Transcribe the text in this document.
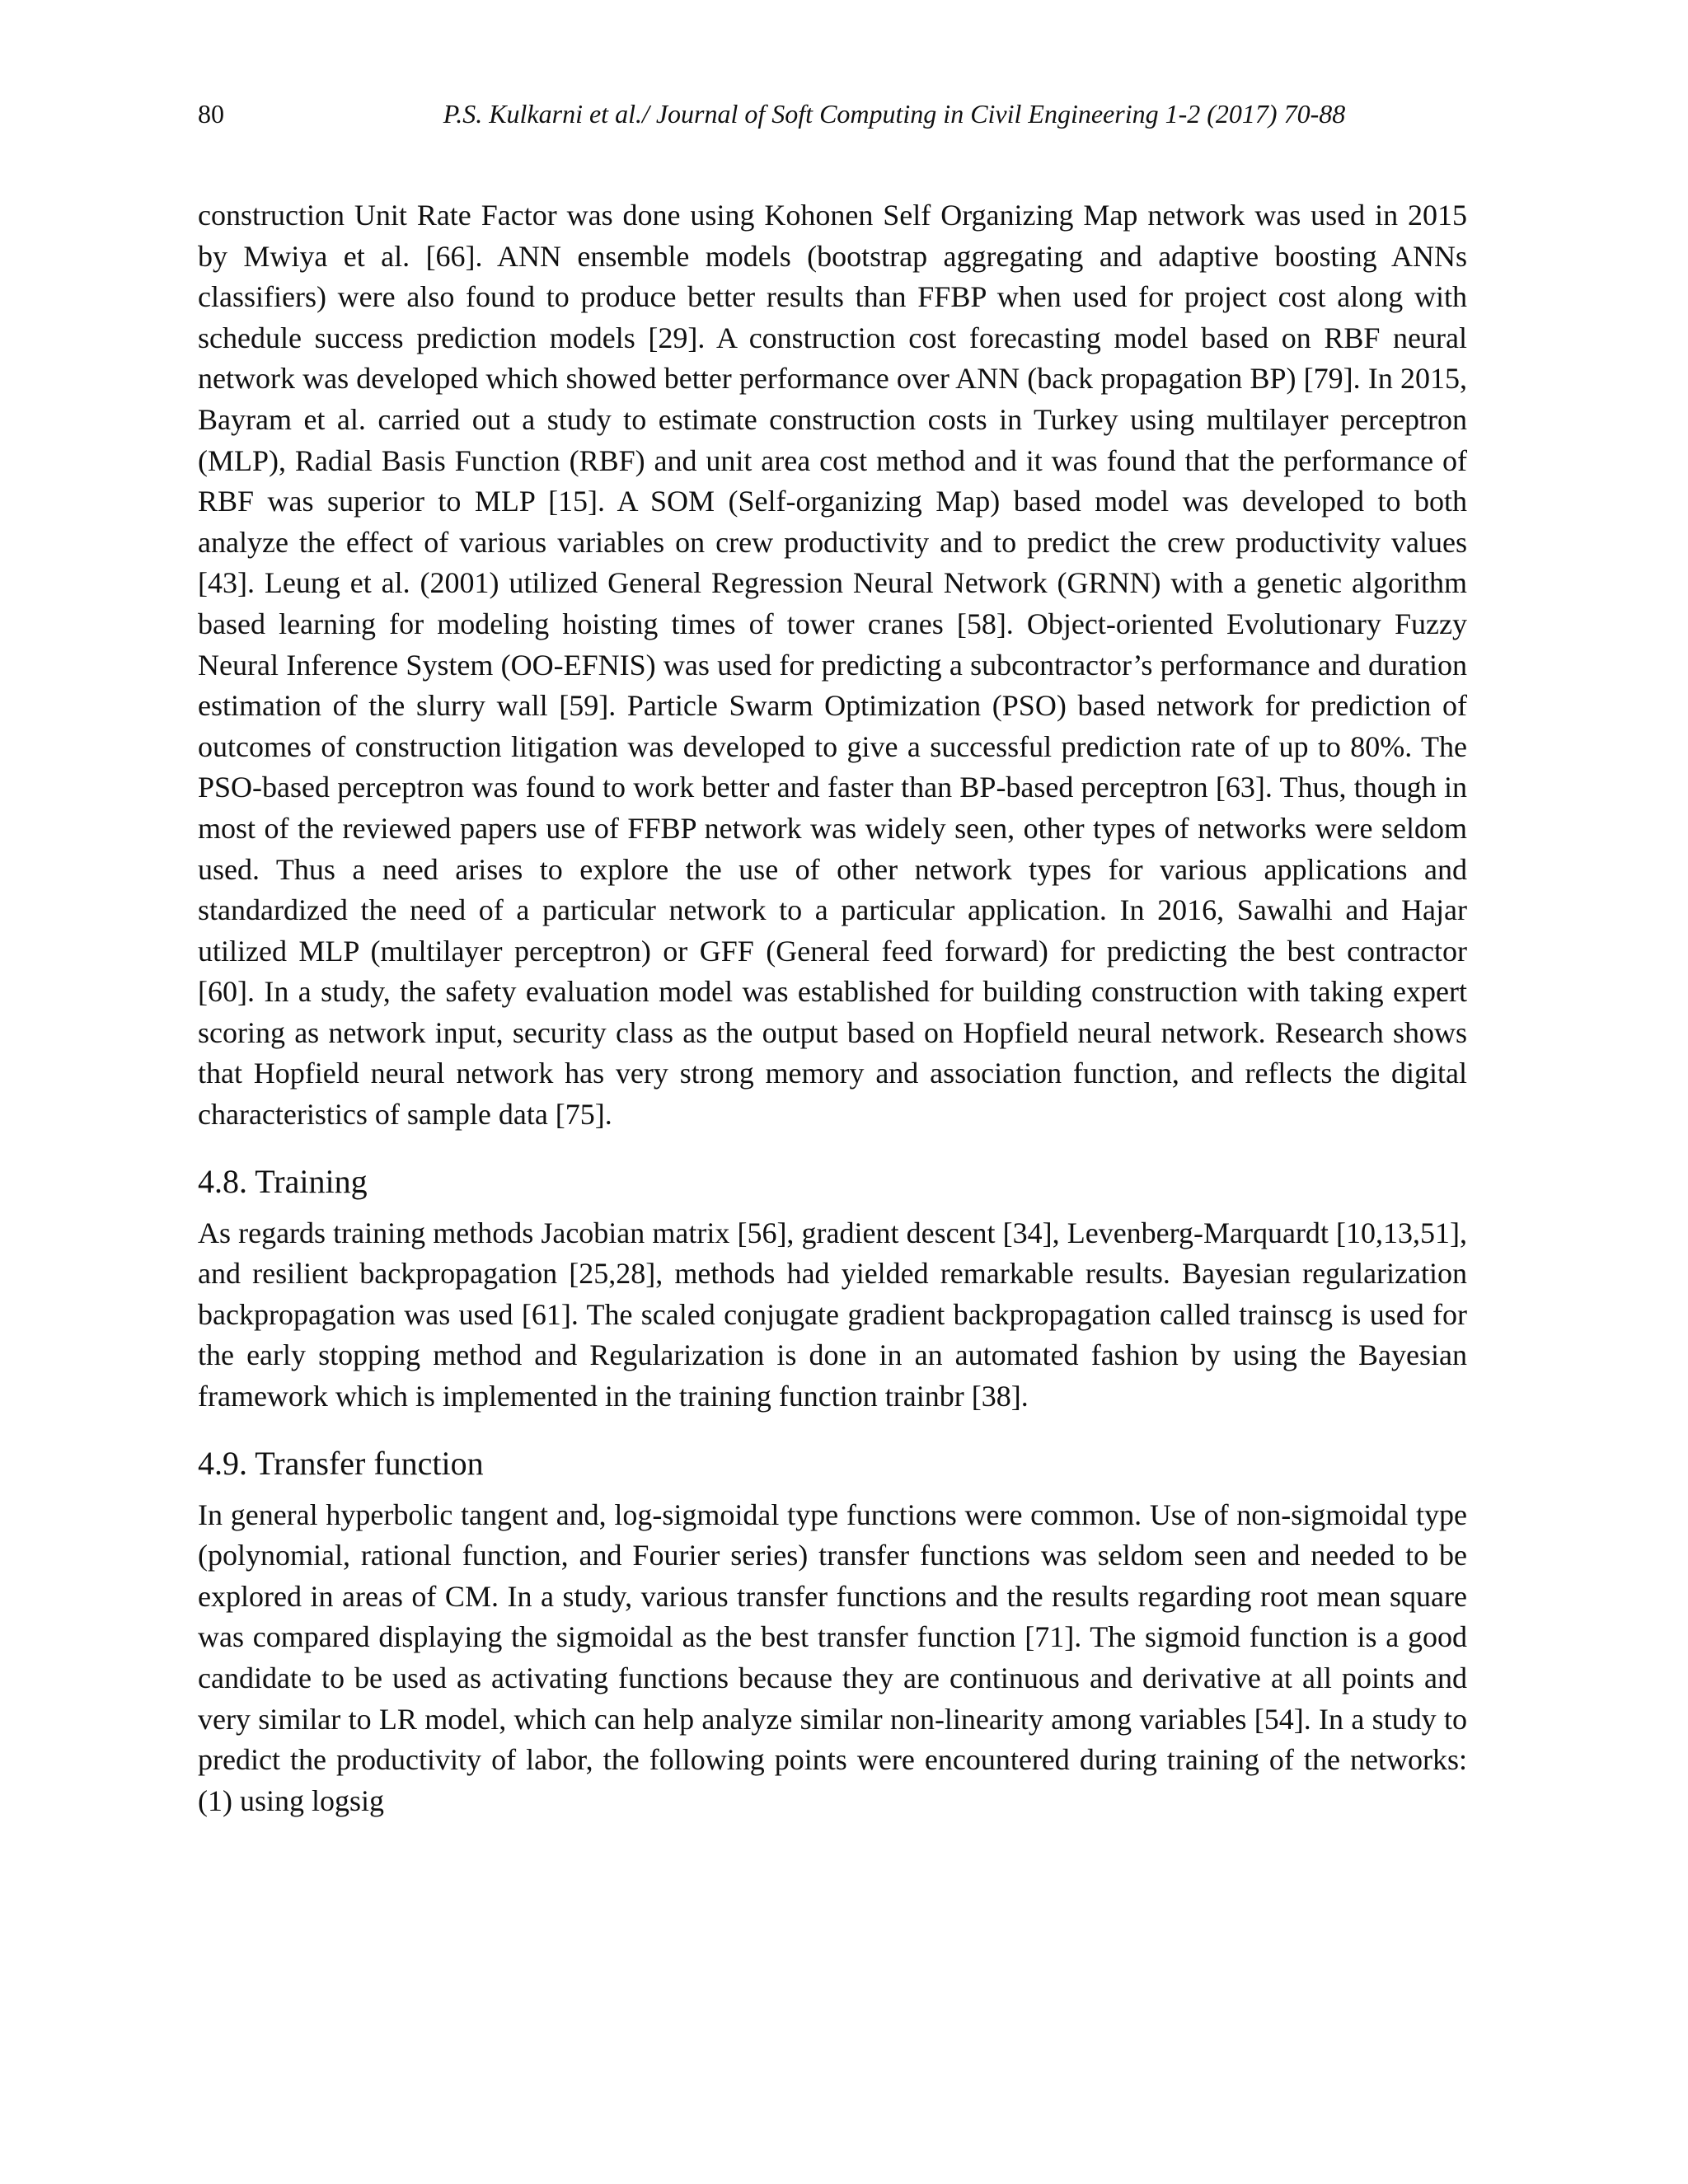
80	P.S. Kulkarni et al./ Journal of Soft Computing in Civil Engineering 1-2 (2017) 70-88

construction Unit Rate Factor was done using Kohonen Self Organizing Map network was used in 2015 by Mwiya et al. [66]. ANN ensemble models (bootstrap aggregating and adaptive boosting ANNs classifiers) were also found to produce better results than FFBP when used for project cost along with schedule success prediction models [29]. A construction cost forecasting model based on RBF neural network was developed which showed better performance over ANN (back propagation BP) [79]. In 2015, Bayram et al. carried out a study to estimate construction costs in Turkey using multilayer perceptron (MLP), Radial Basis Function (RBF) and unit area cost method and it was found that the performance of RBF was superior to MLP [15]. A SOM (Self-organizing Map) based model was developed to both analyze the effect of various variables on crew productivity and to predict the crew productivity values [43]. Leung et al. (2001) utilized General Regression Neural Network (GRNN) with a genetic algorithm based learning for modeling hoisting times of tower cranes [58]. Object-oriented Evolutionary Fuzzy Neural Inference System (OO-EFNIS) was used for predicting a subcontractor’s performance and duration estimation of the slurry wall [59]. Particle Swarm Optimization (PSO) based network for prediction of outcomes of construction litigation was developed to give a successful prediction rate of up to 80%. The PSO-based perceptron was found to work better and faster than BP-based perceptron [63]. Thus, though in most of the reviewed papers use of FFBP network was widely seen, other types of networks were seldom used. Thus a need arises to explore the use of other network types for various applications and standardized the need of a particular network to a particular application. In 2016, Sawalhi and Hajar utilized MLP (multilayer perceptron) or GFF (General feed forward) for predicting the best contractor [60]. In a study, the safety evaluation model was established for building construction with taking expert scoring as network input, security class as the output based on Hopfield neural network. Research shows that Hopfield neural network has very strong memory and association function, and reflects the digital characteristics of sample data [75].

4.8. Training

As regards training methods Jacobian matrix [56], gradient descent [34], Levenberg-Marquardt [10,13,51], and resilient backpropagation [25,28], methods had yielded remarkable results. Bayesian regularization backpropagation was used [61]. The scaled conjugate gradient backpropagation called trainscg is used for the early stopping method and Regularization is done in an automated fashion by using the Bayesian framework which is implemented in the training function trainbr [38].

4.9. Transfer function

In general hyperbolic tangent and, log-sigmoidal type functions were common. Use of non-sigmoidal type (polynomial, rational function, and Fourier series) transfer functions was seldom seen and needed to be explored in areas of CM. In a study, various transfer functions and the results regarding root mean square was compared displaying the sigmoidal as the best transfer function [71]. The sigmoid function is a good candidate to be used as activating functions because they are continuous and derivative at all points and very similar to LR model, which can help analyze similar non-linearity among variables [54]. In a study to predict the productivity of labor, the following points were encountered during training of the networks: (1) using logsig
